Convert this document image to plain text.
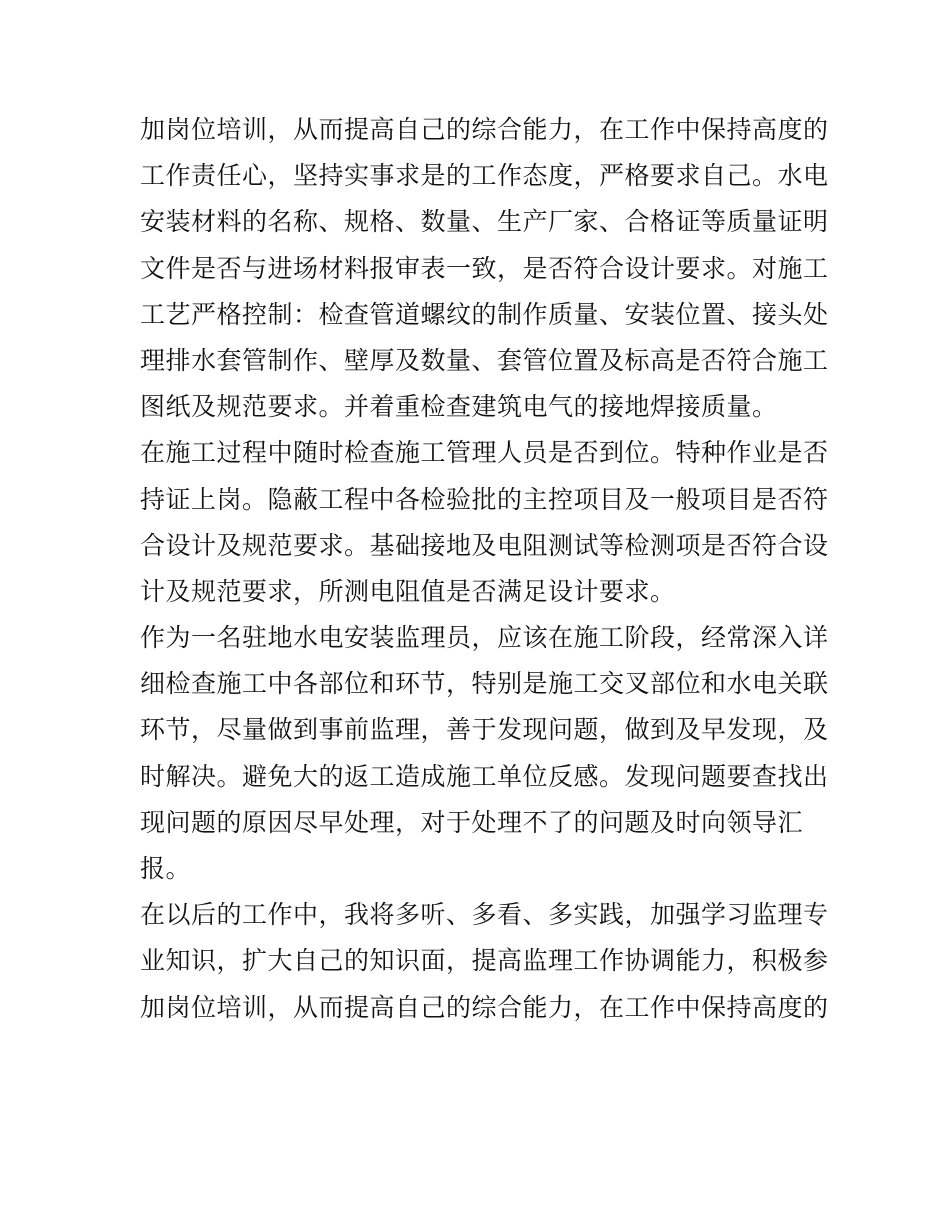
加岗位培训，从而提高自己的综合能力，在工作中保持高度的
工作责任心，坚持实事求是的工作态度，严格要求自己。水电
安装材料的名称、规格、数量、生产厂家、合格证等质量证明
文件是否与进场材料报审表一致，是否符合设计要求。对施工
工艺严格控制：检查管道螺纹的制作质量、安装位置、接头处
理排水套管制作、壁厚及数量、套管位置及标高是否符合施工
图纸及规范要求。并着重检查建筑电气的接地焊接质量。
在施工过程中随时检查施工管理人员是否到位。特种作业是否
持证上岗。隐蔽工程中各检验批的主控项目及一般项目是否符
合设计及规范要求。基础接地及电阻测试等检测项是否符合设
计及规范要求，所测电阻值是否满足设计要求。
作为一名驻地水电安装监理员，应该在施工阶段，经常深入详
细检查施工中各部位和环节，特别是施工交叉部位和水电关联
环节，尽量做到事前监理，善于发现问题，做到及早发现，及
时解决。避免大的返工造成施工单位反感。发现问题要查找出
现问题的原因尽早处理，对于处理不了的问题及时向领导汇
报。
在以后的工作中，我将多听、多看、多实践，加强学习监理专
业知识，扩大自己的知识面，提高监理工作协调能力，积极参
加岗位培训，从而提高自己的综合能力，在工作中保持高度的
